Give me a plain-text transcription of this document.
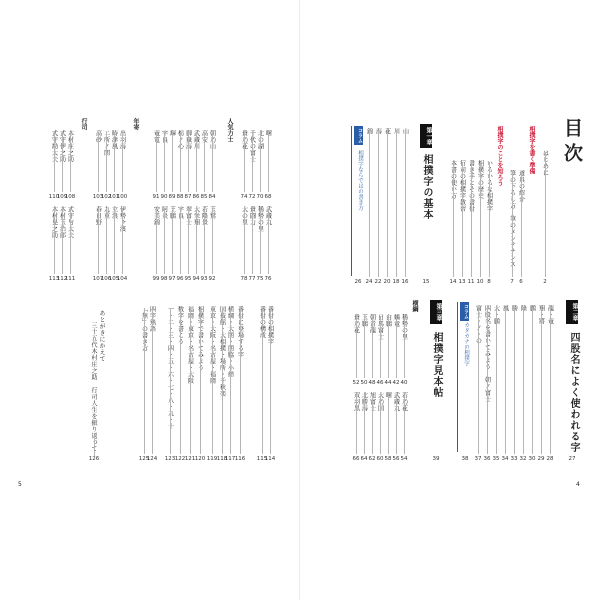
曙
68
北の湖
70
千代の富士
72
貴乃花
74
人気力士
朝乃山
84
高安
85
武蔵川
86
御嶽海
87
栃ノ心
88
輝
89
宇良
90
竜電
91
年寄
出羽海
100
時津風
101
二所ノ関
102
高砂
103
行司
木村庄之助
108
式守伊之助
109
式守勘太夫
110
武蔵丸
76
稀勢の里
75
貴闘力
77
大の里
78
玉鷲
92
若隆景
93
大栄翔
94
翠富士
95
宇良
96
王鵬
97
阿炎
98
安美錦
99
伊勢ヶ濱
104
立浪
105
九重
106
春日野
107
式守与太夫
111
木村玉治郎
112
木村晃之助
113
番付の相撲字
114
番付の構成
115
番付に登場する字
116
横綱・大関・関脇・小結
117
国技館・大相撲・場所・千秋楽
118
東京・大阪・名古屋・福岡
119
相撲字で書いてみよう
120
福岡・東京・名古屋・大阪
121
数字を書こう
122
一・二・三・四・五・六・七・八・九・十
123
四字熟語
124
「無」の書き方
125
あとがきにかえて
三十五代木村庄之助　行司人生を振り返って
126
5
目次
はじめに
2
相撲字を書く準備
道具の紹介
6
筆の下ろし方　筆のメンテナンス
7
相撲字のことを知ろう
いろいろな相撲字
8
相撲字の歴史
10
書き手とその書付
11
行司の相撲字教習
13
本書の使い方
14
第一章
相撲字の基本
15
山
16
川
18
花
20
海
22
錦
24
コラム
相撲字ならではの書き方
26
第二章
四股名によく使われる字
27
龍・竜
28
翔・將
29
鵬
30
隆
32
勝
33
鳳
34
大・鵬
35
四股名を書いてみよう　朝ノ富士
36
富士・ノ・の
37
コラム
カタカナの相撲字
38
第三章
相撲字見本帖
39
横綱
稀勢の里
40
鶴竜
42
白鵬
44
日馬富士
46
朝青龍
48
玉鵬
50
貴乃花
52
若乃花
54
武蔵丸
56
曙
58
大乃国
60
旭富士
62
北勝海
64
双羽黒
66
4
